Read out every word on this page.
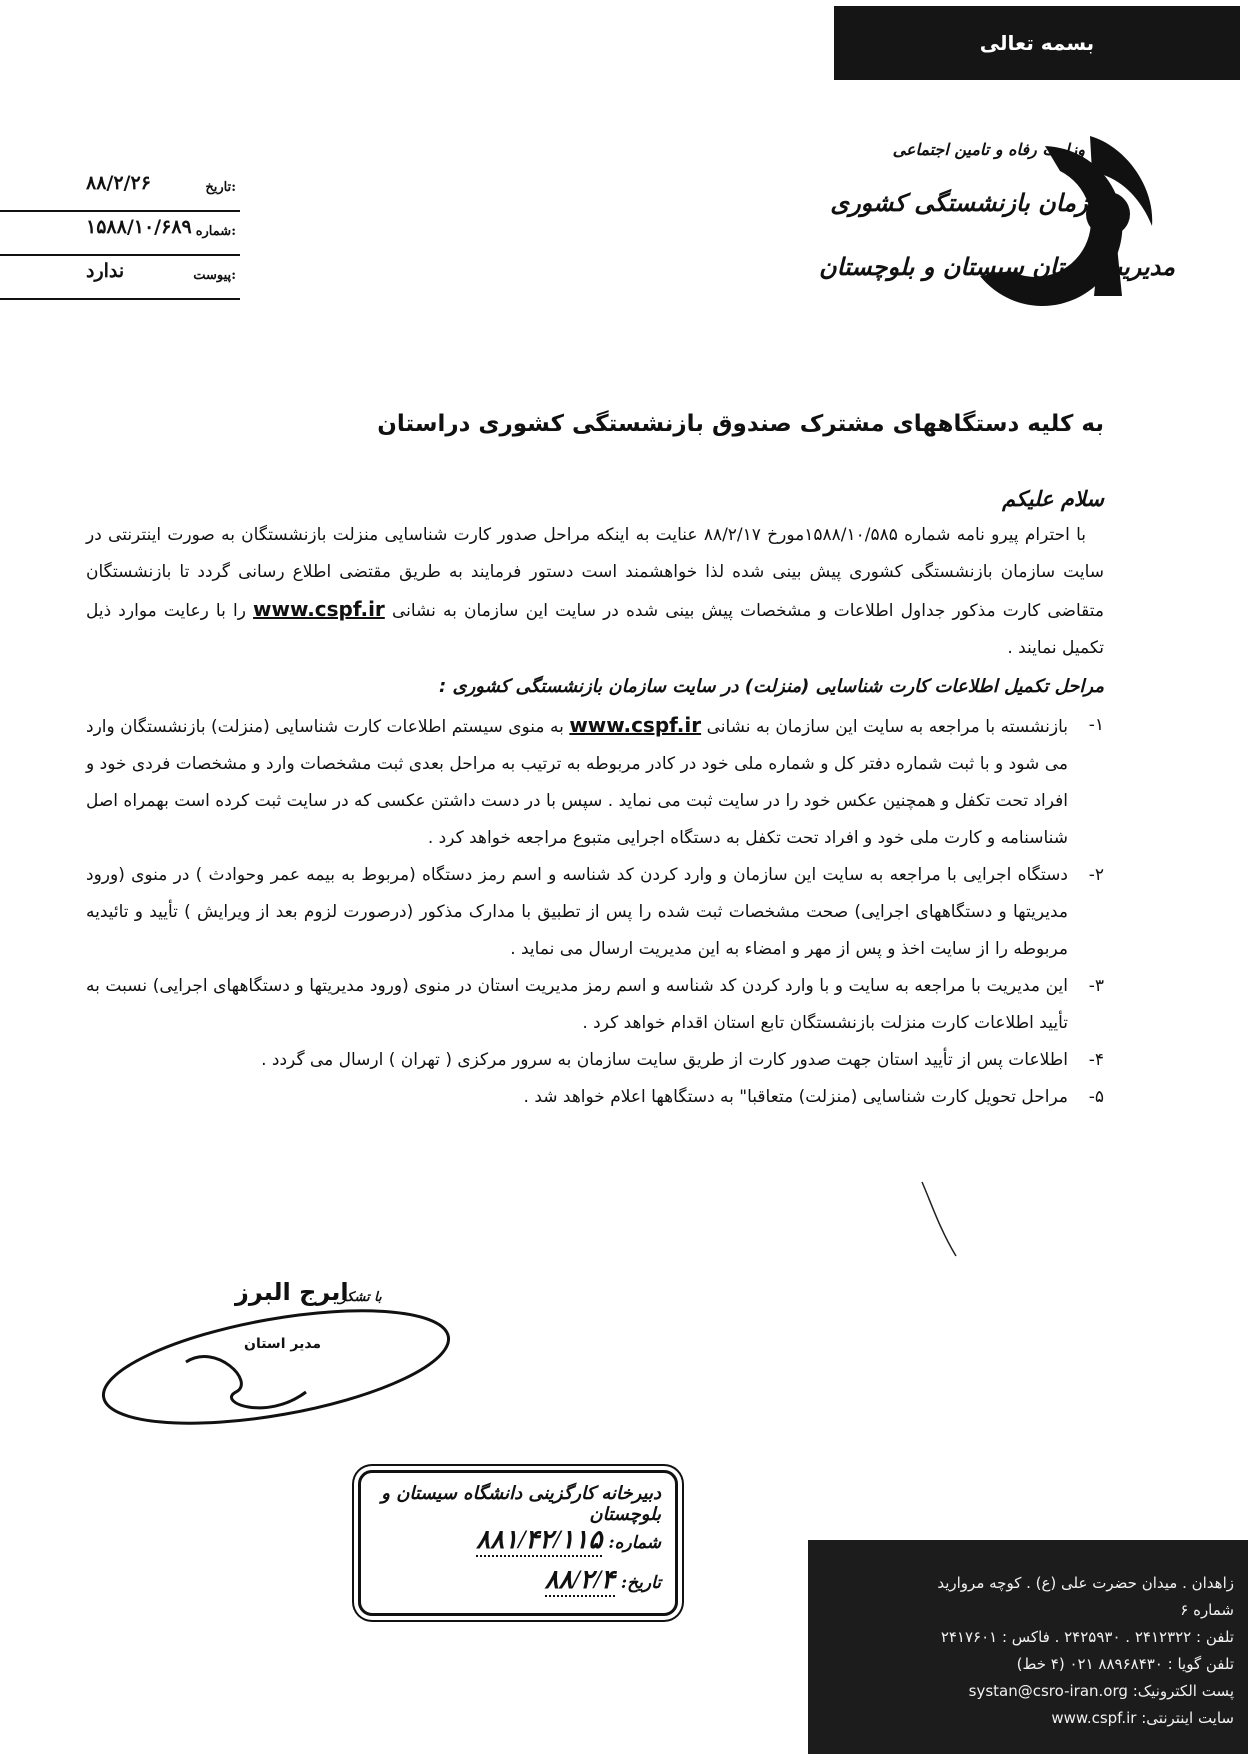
بسمه تعالی
۸۸/۲/۲۶	تاریخ:
۱۵۸۸/۱۰/۶۸۹ شماره:
ندارد	پیوست:
وزارت رفاه و تامین اجتماعی
سازمان بازنشستگی کشوری
مدیریت استان سیستان و بلوچستان

به کلیه دستگاههای مشترک صندوق بازنشستگی کشوری دراستان

سلام علیکم

با احترام پیرو نامه شماره ۱۵۸۸/۱۰/۵۸۵مورخ ۸۸/۲/۱۷ عنایت به اینکه مراحل صدور کارت شناسایی منزلت بازنشستگان به صورت اینترنتی در سایت سازمان بازنشستگی کشوری پیش بینی شده لذا خواهشمند است دستور فرمایند به طریق مقتضی اطلاع رسانی گردد تا بازنشستگان متقاضی کارت مذکور جداول اطلاعات و مشخصات پیش بینی شده در سایت این سازمان به نشانی www.cspf.ir را با رعایت موارد ذیل تکمیل نمایند .

مراحل تکمیل اطلاعات کارت شناسایی (منزلت) در سایت سازمان بازنشستگی کشوری :

۱-
بازنشسته با مراجعه به سایت این سازمان به نشانی www.cspf.ir به منوی سیستم اطلاعات کارت شناسایی (منزلت) بازنشستگان وارد می شود و با ثبت شماره دفتر کل و شماره ملی خود در کادر مربوطه به ترتیب به مراحل بعدی ثبت مشخصات وارد و مشخصات فردی خود و افراد تحت تکفل و همچنین عکس خود را در سایت ثبت می نماید . سپس با در دست داشتن عکسی که در سایت ثبت کرده است بهمراه اصل شناسنامه و کارت ملی خود و افراد تحت تکفل به دستگاه اجرایی متبوع مراجعه خواهد کرد .
۲-
دستگاه اجرایی با مراجعه به سایت این سازمان و وارد کردن کد شناسه و اسم رمز دستگاه (مربوط به بیمه عمر وحوادث ) در منوی (ورود مدیریتها و دستگاههای اجرایی) صحت مشخصات ثبت شده را پس از تطبیق با مدارک مذکور (درصورت لزوم بعد از ویرایش ) تأیید و تائیدیه مربوطه را از سایت اخذ و پس از مهر و امضاء به این مدیریت ارسال می نماید .
۳-
این مدیریت با مراجعه به سایت و با وارد کردن کد شناسه و اسم رمز مدیریت استان در منوی (ورود مدیریتها و دستگاههای اجرایی) نسبت به تأیید اطلاعات کارت منزلت بازنشستگان تابع استان اقدام خواهد کرد .
۴-
اطلاعات پس از تأیید استان جهت صدور کارت از طریق سایت سازمان به سرور مرکزی ( تهران ) ارسال می گردد .
۵-
مراحل تحویل کارت شناسایی (منزلت) متعاقبا" به دستگاهها اعلام خواهد شد .
ایرج البرز
با تشکر
مدیر استان
دبیرخانه کارگزینی دانشگاه سیستان و بلوچستان
شماره:
۸۸۱/۴۲/۱۱۵
تاریخ:
۸۸/۲/۴	زاهدان . میدان حضرت علی (ع) . کوچه مروارید

شماره ۶

تلفن : ۲۴۱۲۳۲۲ . ۲۴۲۵۹۳۰ . فاکس : ۲۴۱۷۶۰۱

تلفن گویا : ۸۸۹۶۸۴۳۰ ۰۲۱ (۴ خط)

پست الکترونیک: systan@csro-iran.org

سایت اینترنتی: www.cspf.ir
